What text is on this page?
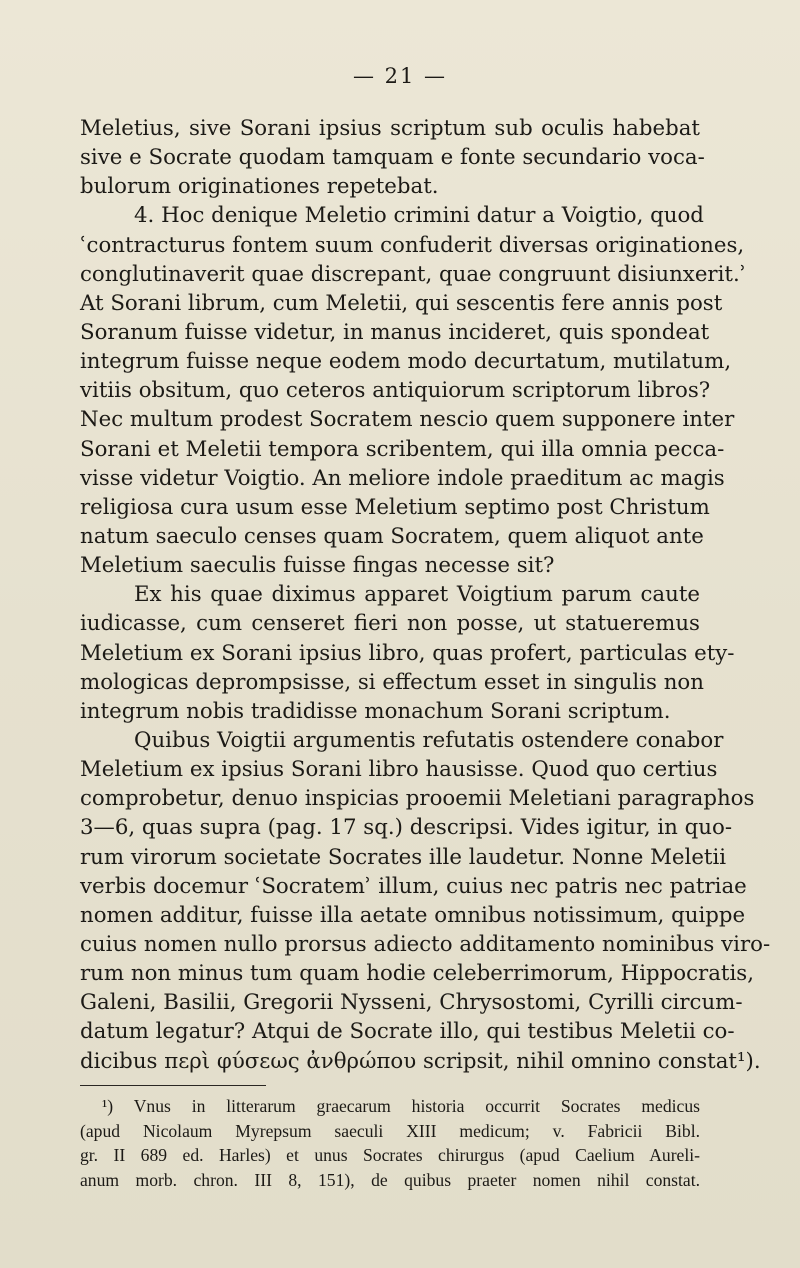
— 21 —
Meletius, sive Sorani ipsius scriptum sub oculis habebat
sive e Socrate quodam tamquam e fonte secundario voca-
bulorum originationes repetebat.
4. Hoc denique Meletio crimini datur a Voigtio, quod
ʿcontracturus fontem suum confuderit diversas originationes,
conglutinaverit quae discrepant, quae congruunt disiunxerit.ʾ
At Sorani librum, cum Meletii, qui sescentis fere annis post
Soranum fuisse videtur, in manus incideret, quis spondeat
integrum fuisse neque eodem modo decurtatum, mutilatum,
vitiis obsitum, quo ceteros antiquiorum scriptorum libros?
Nec multum prodest Socratem nescio quem supponere inter
Sorani et Meletii tempora scribentem, qui illa omnia pecca-
visse videtur Voigtio. An meliore indole praeditum ac magis
religiosa cura usum esse Meletium septimo post Christum
natum saeculo censes quam Socratem, quem aliquot ante
Meletium saeculis fuisse fingas necesse sit?
Ex his quae diximus apparet Voigtium parum caute
iudicasse, cum censeret fieri non posse, ut statueremus
Meletium ex Sorani ipsius libro, quas profert, particulas ety-
mologicas deprompsisse, si effectum esset in singulis non
integrum nobis tradidisse monachum Sorani scriptum.
Quibus Voigtii argumentis refutatis ostendere conabor
Meletium ex ipsius Sorani libro hausisse. Quod quo certius
comprobetur, denuo inspicias prooemii Meletiani paragraphos
3—6, quas supra (pag. 17 sq.) descripsi. Vides igitur, in quo-
rum virorum societate Socrates ille laudetur. Nonne Meletii
verbis docemur ʿSocratemʾ illum, cuius nec patris nec patriae
nomen additur, fuisse illa aetate omnibus notissimum, quippe
cuius nomen nullo prorsus adiecto additamento nominibus viro-
rum non minus tum quam hodie celeberrimorum, Hippocratis,
Galeni, Basilii, Gregorii Nysseni, Chrysostomi, Cyrilli circum-
datum legatur? Atqui de Socrate illo, qui testibus Meletii co-
dicibus περὶ φύσεως ἀνθρώπου scripsit, nihil omnino constat¹).
¹) Vnus in litterarum graecarum historia occurrit Socrates medicus
(apud Nicolaum Myrepsum saeculi XIII medicum; v. Fabricii Bibl.
gr. II 689 ed. Harles) et unus Socrates chirurgus (apud Caelium Aureli-
anum morb. chron. III 8, 151), de quibus praeter nomen nihil constat.
